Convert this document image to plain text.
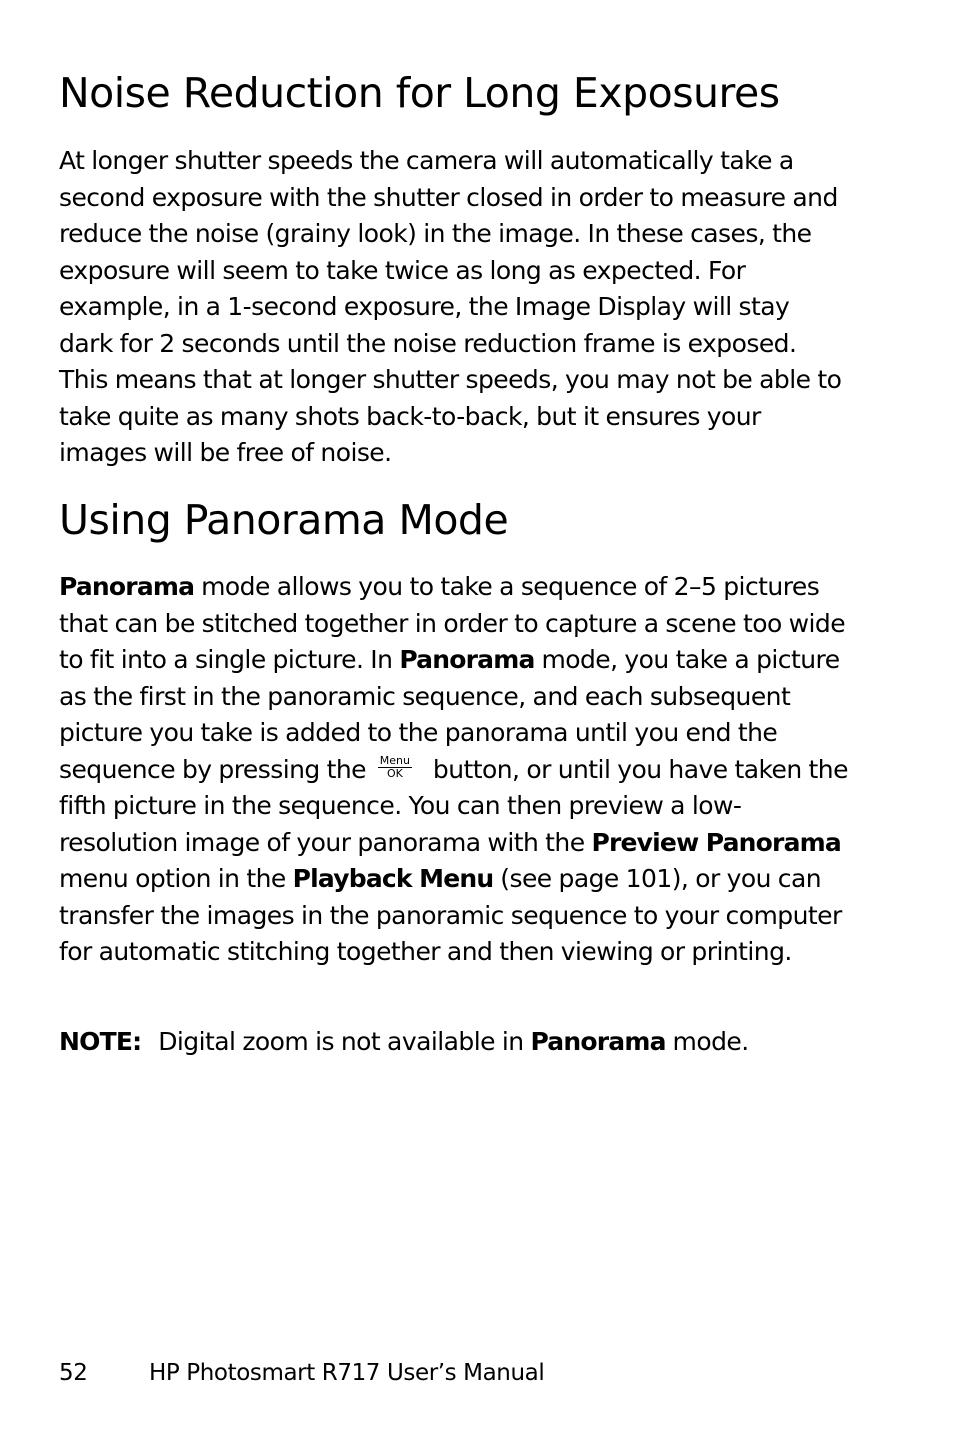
Noise Reduction for Long Exposures

At longer shutter speeds the camera will automatically take a second exposure with the shutter closed in order to measure and reduce the noise (grainy look) in the image. In these cases, the exposure will seem to take twice as long as expected. For example, in a 1-second exposure, the Image Display will stay dark for 2 seconds until the noise reduction frame is exposed. This means that at longer shutter speeds, you may not be able to take quite as many shots back-to-back, but it ensures your images will be free of noise.

Using Panorama Mode

Panorama mode allows you to take a sequence of 2–5 pictures that can be stitched together in order to capture a scene too wide to fit into a single picture. In Panorama mode, you take a picture as the first in the panoramic sequence, and each subsequent picture you take is added to the panorama until you end the sequence by pressing the Menu
OK	button, or until you have taken the fifth picture in the sequence. You can then preview a low-resolution image of your panorama with the Preview Panorama menu option in the Playback Menu (see page 101), or you can transfer the images in the panoramic sequence to your computer for automatic stitching together and then viewing or printing.

NOTE: Digital zoom is not available in Panorama mode.

52	HP Photosmart R717 User’s Manual
